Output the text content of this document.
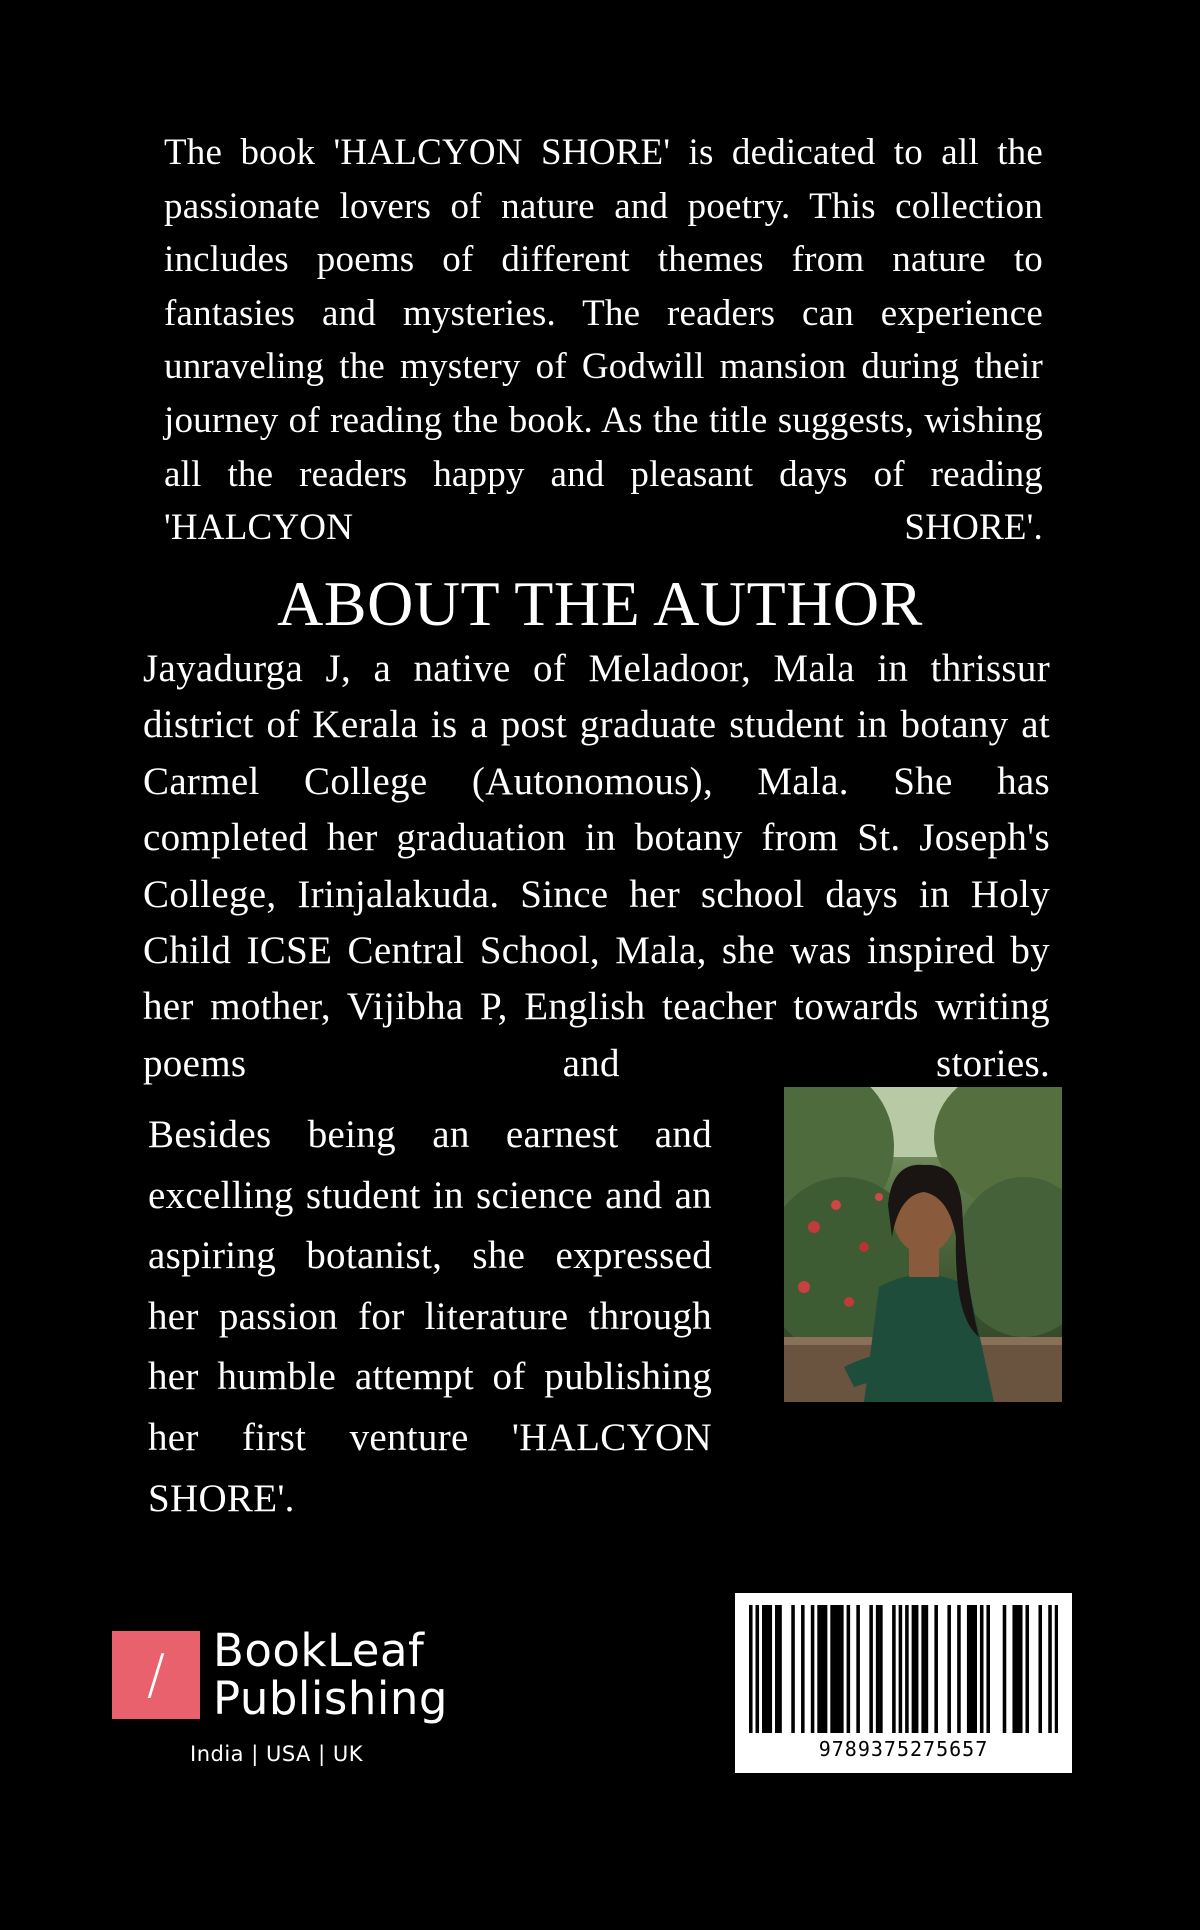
The book 'HALCYON SHORE' is dedicated to all the passionate lovers of nature and poetry. This collection includes poems of different themes from nature to fantasies and mysteries. The readers can experience unraveling the mystery of Godwill mansion during their journey of reading the book. As the title suggests, wishing all the readers happy and pleasant days of reading 'HALCYON SHORE'.
ABOUT THE AUTHOR
Jayadurga J, a native of Meladoor, Mala in thrissur district of Kerala is a post graduate student in botany at Carmel College (Autonomous), Mala. She has completed her graduation in botany from St. Joseph's College, Irinjalakuda. Since her school days in Holy Child ICSE Central School, Mala, she was inspired by her mother, Vijibha P, English teacher towards writing poems and stories.
Besides being an earnest and excelling student in science and an aspiring botanist, she expressed her passion for literature through her humble attempt of publishing her first venture 'HALCYON SHORE'.
/ BookLeaf
Publishing
India | USA | UK	9789375275657
